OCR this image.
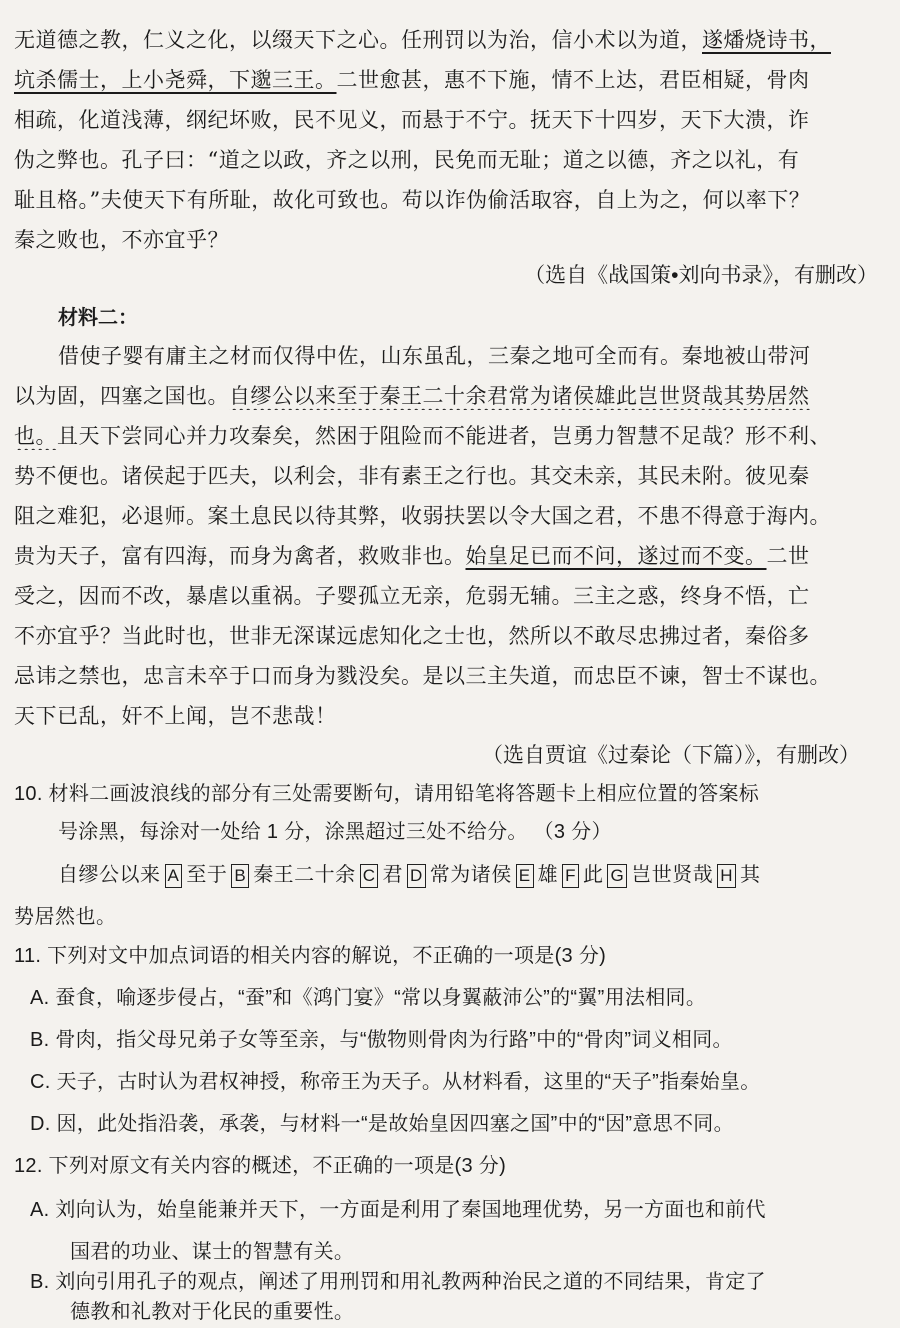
无道德之教，仁义之化，以缀天下之心。任刑罚以为治，信小术以为道，遂燔烧诗书，
坑杀儒士，上小尧舜，下邈三王。二世愈甚，惠不下施，情不上达，君臣相疑，骨肉
相疏，化道浅薄，纲纪坏败，民不见义，而悬于不宁。抚天下十四岁，天下大溃，诈
伪之弊也。孔子曰：“道之以政，齐之以刑，民免而无耻；道之以德，齐之以礼，有
耻且格。”夫使天下有所耻，故化可致也。苟以诈伪偷活取容，自上为之，何以率下？
秦之败也，不亦宜乎？
（选自《战国策•刘向书录》，有删改）
材料二：
借使子婴有庸主之材而仅得中佐，山东虽乱，三秦之地可全而有。秦地被山带河
以为固，四塞之国也。自缪公以来至于秦王二十余君常为诸侯雄此岂世贤哉其势居然
也。且天下尝同心并力攻秦矣，然困于阻险而不能进者，岂勇力智慧不足哉？形不利、
势不便也。诸侯起于匹夫，以利会，非有素王之行也。其交未亲，其民未附。彼见秦
阻之难犯，必退师。案土息民以待其弊，收弱扶罢以令大国之君，不患不得意于海内。
贵为天子，富有四海，而身为禽者，救败非也。始皇足已而不问，遂过而不变。二世
受之，因而不改，暴虐以重祸。子婴孤立无亲，危弱无辅。三主之惑，终身不悟，亡
不亦宜乎？当此时也，世非无深谋远虑知化之士也，然所以不敢尽忠拂过者，秦俗多
忌讳之禁也，忠言未卒于口而身为戮没矣。是以三主失道，而忠臣不谏，智士不谋也。
天下已乱，奸不上闻，岂不悲哉！
（选自贾谊《过秦论（下篇）》，有删改）
10. 材料二画波浪线的部分有三处需要断句，请用铅笔将答题卡上相应位置的答案标
号涂黑，每涂对一处给 1 分，涂黑超过三处不给分。 （3 分）
自缪公以来 A 至于 B 秦王二十余 C 君 D 常为诸侯 E 雄 F 此 G 岂世贤哉 H 其
势居然也。
11. 下列对文中加点词语的相关内容的解说，不正确的一项是(3 分)
A. 蚕食，喻逐步侵占，“蚕”和《鸿门宴》“常以身翼蔽沛公”的“翼”用法相同。
B. 骨肉，指父母兄弟子女等至亲，与“傲物则骨肉为行路”中的“骨肉”词义相同。
C. 天子，古时认为君权神授，称帝王为天子。从材料看，这里的“天子”指秦始皇。
D. 因，此处指沿袭，承袭，与材料一“是故始皇因四塞之国”中的“因”意思不同。
12. 下列对原文有关内容的概述，不正确的一项是(3 分)
A. 刘向认为，始皇能兼并天下，一方面是利用了秦国地理优势，另一方面也和前代
国君的功业、谋士的智慧有关。
B. 刘向引用孔子的观点，阐述了用刑罚和用礼教两种治民之道的不同结果，肯定了
德教和礼教对于化民的重要性。
